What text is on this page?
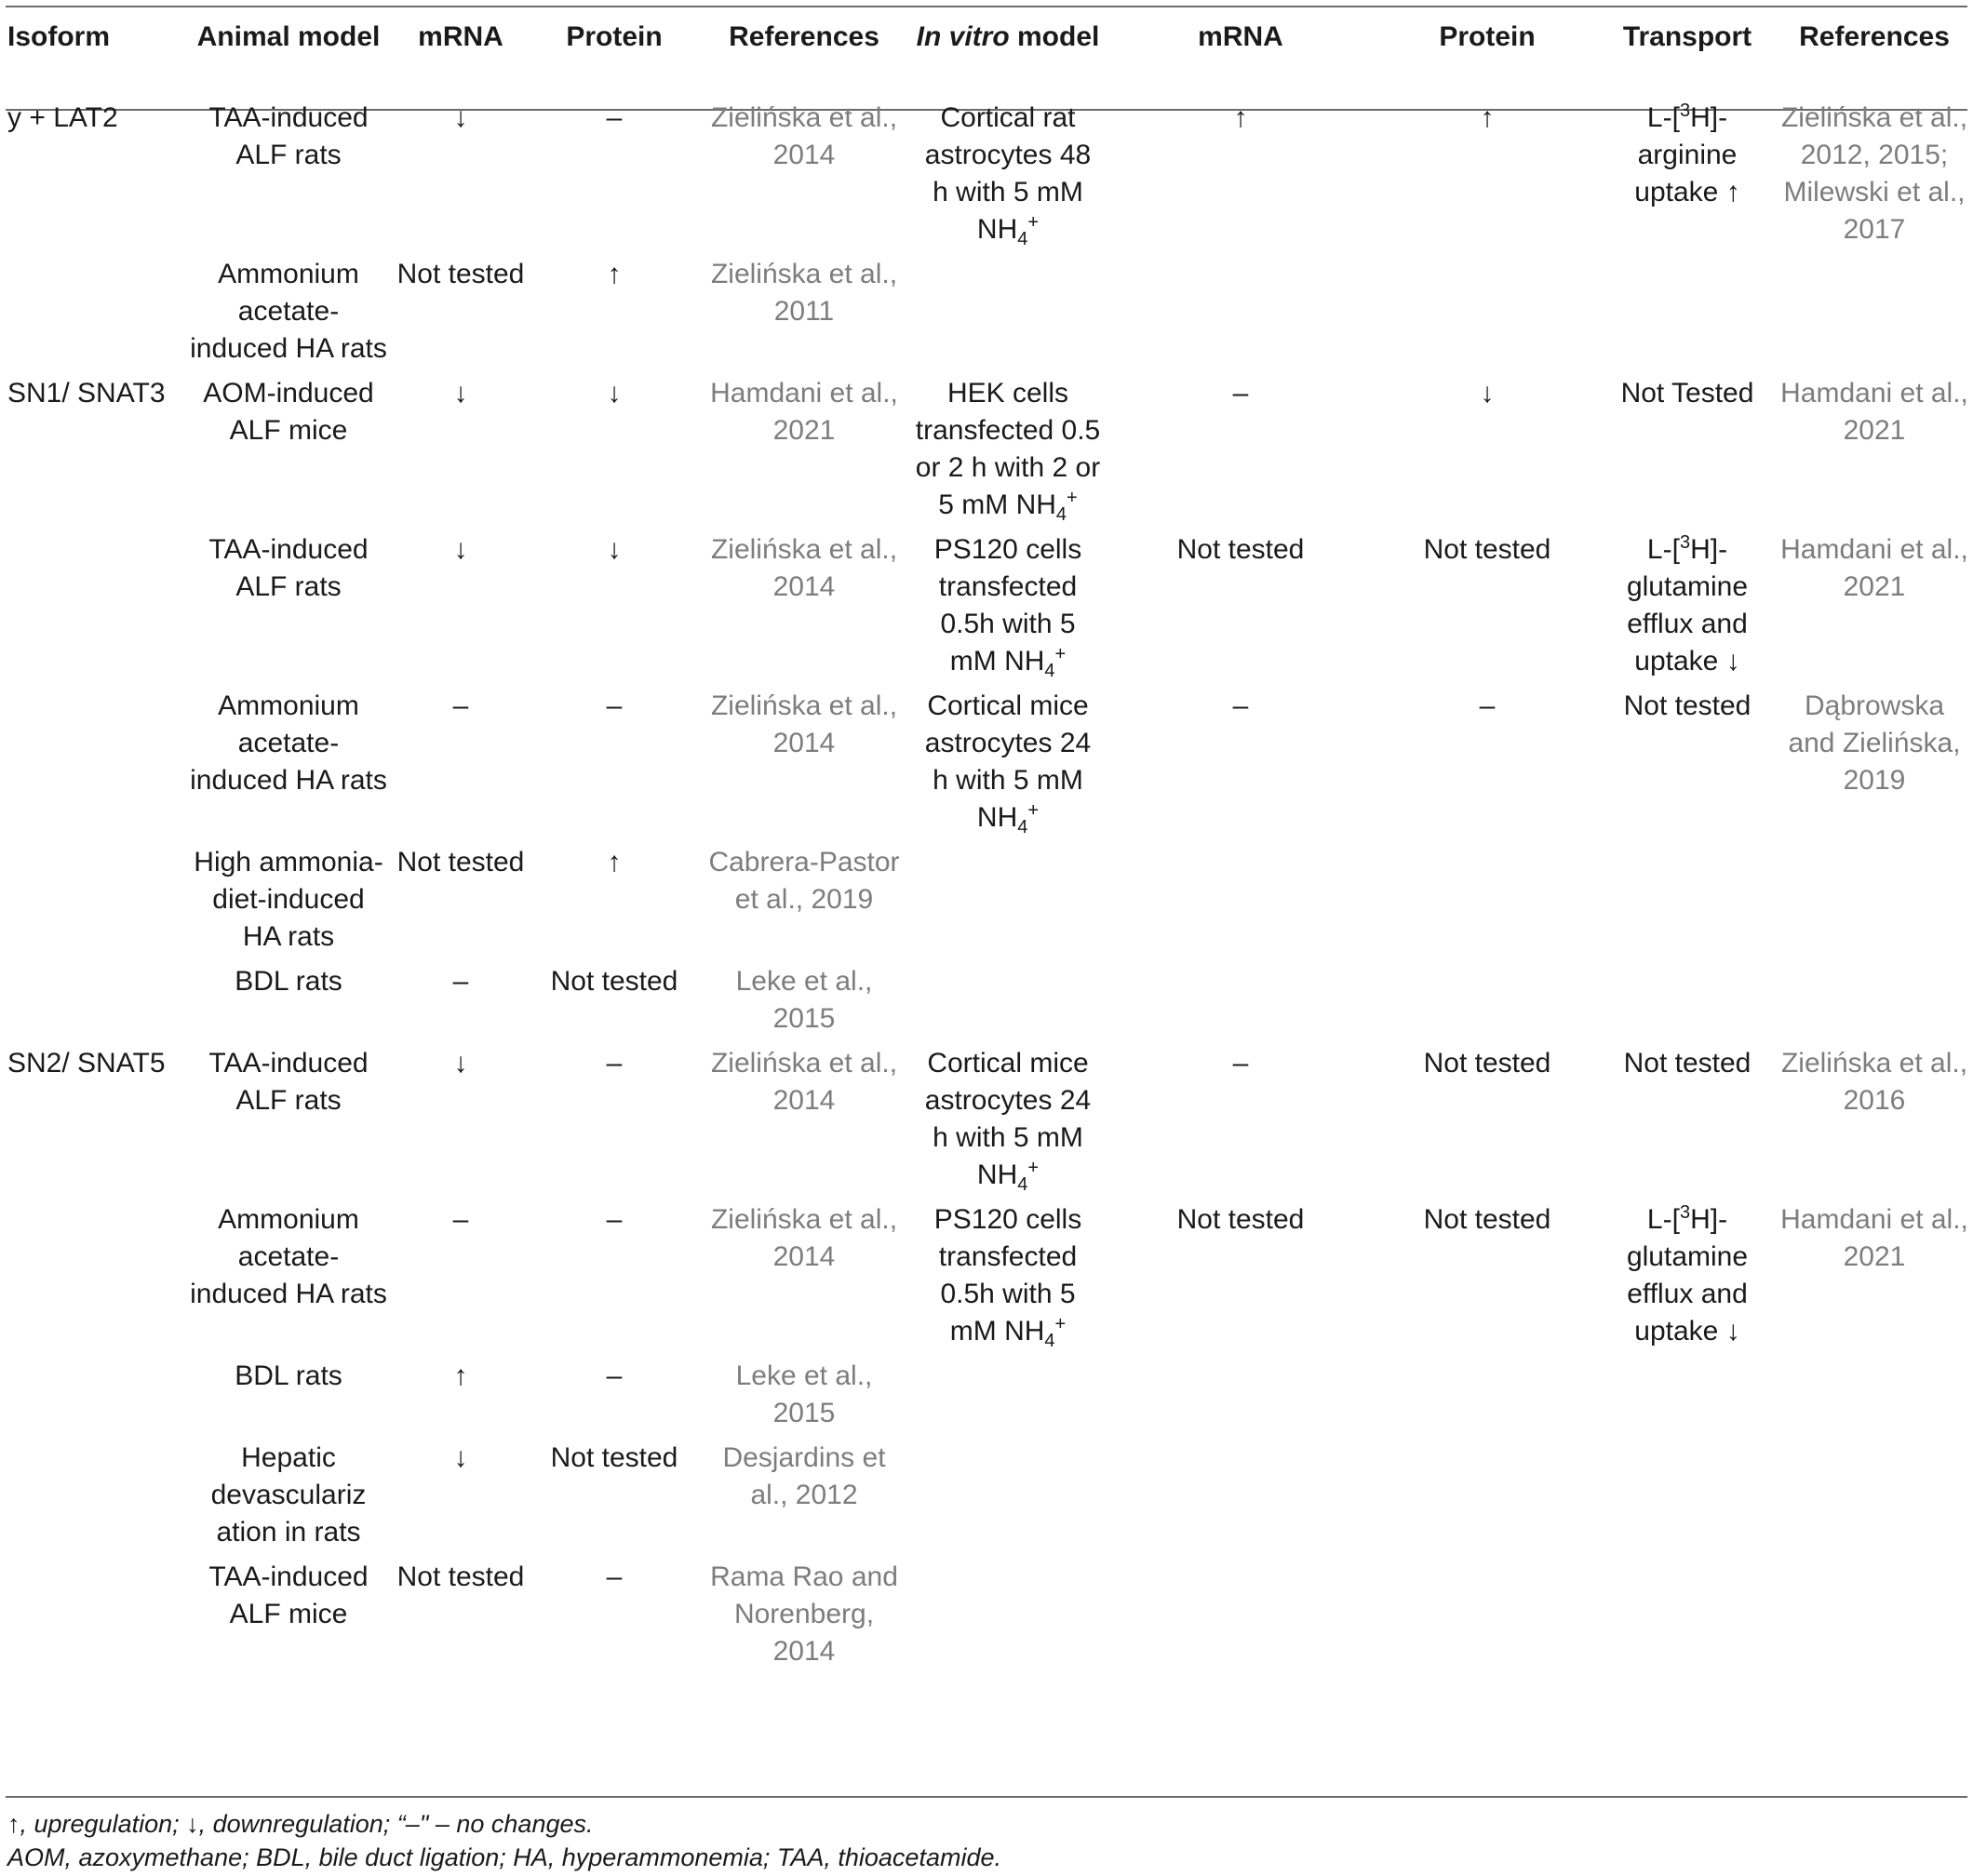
Isoform	Animal model	mRNA	Protein	References	In vitro model	mRNA	Protein	Transport	References
y + LAT2	TAA-induced ALF rats	↓	–	Zielińska et al., 2014	Cortical rat astrocytes 48 h with 5 mM $NH_4^+$	↑	↑	L-[$^3$H]-arginine uptake ↑	Zielińska et al., 2012, 2015; Milewski et al., 2017
	Ammonium acetate-induced HA rats	Not tested	↑	Zielińska et al., 2011					
SN1/ SNAT3	AOM-induced ALF mice	↓	↓	Hamdani et al., 2021	HEK cells transfected 0.5 or 2 h with 2 or 5 mM $NH_4^+$	–	↓	Not Tested	Hamdani et al., 2021
	TAA-induced ALF rats	↓	↓	Zielińska et al., 2014	PS120 cells transfected 0.5h with 5 mM $NH_4^+$	Not tested	Not tested	L-[$^3$H]-glutamine efflux and uptake ↓	Hamdani et al., 2021
	Ammonium acetate-induced HA rats	–	–	Zielińska et al., 2014	Cortical mice astrocytes 24 h with 5 mM $NH_4^+$	–	–	Not tested	Dąbrowska and Zielińska, 2019
	High ammonia-diet-induced HA rats	Not tested	↑	Cabrera-Pastor et al., 2019					
	BDL rats	–	Not tested	Leke et al., 2015					
SN2/ SNAT5	TAA-induced ALF rats	↓	–	Zielińska et al., 2014	Cortical mice astrocytes 24 h with 5 mM $NH_4^+$	–	Not tested	Not tested	Zielińska et al., 2016
	Ammonium acetate-induced HA rats	–	–	Zielińska et al., 2014	PS120 cells transfected 0.5h with 5 mM $NH_4^+$	Not tested	Not tested	L-[$^3$H]-glutamine efflux and uptake ↓	Hamdani et al., 2021
	BDL rats	↑	–	Leke et al., 2015					
	Hepatic devasculariz ation in rats	↓	Not tested	Desjardins et al., 2012					
	TAA-induced ALF mice	Not tested	–	Rama Rao and Norenberg, 2014					
↑, upregulation; ↓, downregulation; “–" – no changes.
AOM, azoxymethane; BDL, bile duct ligation; HA, hyperammonemia; TAA, thioacetamide.
